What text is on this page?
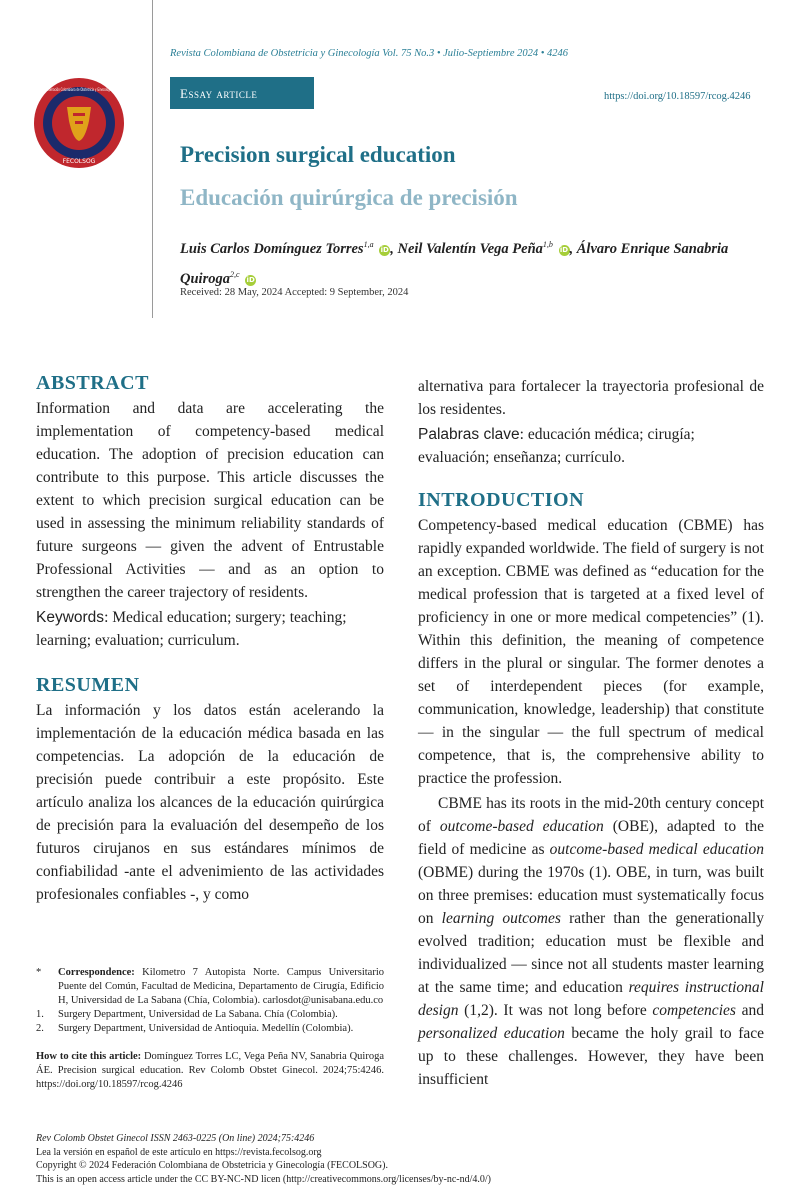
FECOLSOG
Federación Colombiana de Obstetricia y Ginecología
Revista Colombiana de Obstetricia y Ginecología Vol. 75 No.3 • Julio-Septiembre 2024 • 4246
Essay article	https://doi.org/10.18597/rcog.4246
Precision surgical education
Educación quirúrgica de precisión
Luis Carlos Domínguez Torres$^{1,a}$ iD, Neil Valentín Vega Peña$^{1,b}$ iD, Álvaro Enrique Sanabria
Quiroga$^{2,c}$ iD
Received: 28 May, 2024 Accepted: 9 September, 2024
ABSTRACT
Information and data are accelerating the implementation of competency-based medical education. The adoption of precision education can contribute to this purpose. This article discusses the extent to which precision surgical education can be used in assessing the minimum reliability standards of future surgeons — given the advent of Entrustable Professional Activities — and as an option to strengthen the career trajectory of residents.
Keywords: Medical education; surgery; teaching; learning; evaluation; curriculum.
RESUMEN
La información y los datos están acelerando la implementación de la educación médica basada en las competencias. La adopción de la educación de precisión puede contribuir a este propósito. Este artículo analiza los alcances de la educación quirúrgica de precisión para la evaluación del desempeño de los futuros cirujanos en sus estándares mínimos de confiabilidad -ante el advenimiento de las actividades profesionales confiables -, y como
*	Correspondence: Kilometro 7 Autopista Norte. Campus Universitario Puente del Común, Facultad de Medicina, Departamento de Cirugía, Edificio H, Universidad de La Sabana (Chía, Colombia). carlosdot@unisabana.edu.co
1.	Surgery Department, Universidad de La Sabana. Chía (Colombia).
2.	Surgery Department, Universidad de Antioquia. Medellín (Colombia).
How to cite this article: Domínguez Torres LC, Vega Peña NV, Sanabria Quiroga ÁE. Precision surgical education. Rev Colomb Obstet Ginecol. 2024;75:4246. https://doi.org/10.18597/rcog.4246
alternativa para fortalecer la trayectoria profesional de los residentes.
Palabras clave: educación médica; cirugía; evaluación; enseñanza; currículo.
INTRODUCTION
Competency-based medical education (CBME) has rapidly expanded worldwide. The field of surgery is not an exception. CBME was defined as “education for the medical profession that is targeted at a fixed level of proficiency in one or more medical competencies” (1). Within this definition, the meaning of competence differs in the plural or singular. The former denotes a set of interdependent pieces (for example, communication, knowledge, leadership) that constitute — in the singular — the full spectrum of medical competence, that is, the comprehensive ability to practice the profession.
CBME has its roots in the mid-20th century concept of outcome-based education (OBE), adapted to the field of medicine as outcome-based medical education (OBME) during the 1970s (1). OBE, in turn, was built on three premises: education must systematically focus on learning outcomes rather than the generationally evolved tradition; education must be flexible and individualized — since not all students master learning at the same time; and education requires instructional design (1,2). It was not long before competencies and personalized education became the holy grail to face up to these challenges. However, they have been insufficient
Rev Colomb Obstet Ginecol ISSN 2463-0225 (On line) 2024;75:4246
Lea la versión en español de este artículo en https://revista.fecolsog.org
Copyright © 2024 Federación Colombiana de Obstetricia y Ginecología (FECOLSOG).
This is an open access article under the CC BY-NC-ND licen (http://creativecommons.org/licenses/by-nc-nd/4.0/)
